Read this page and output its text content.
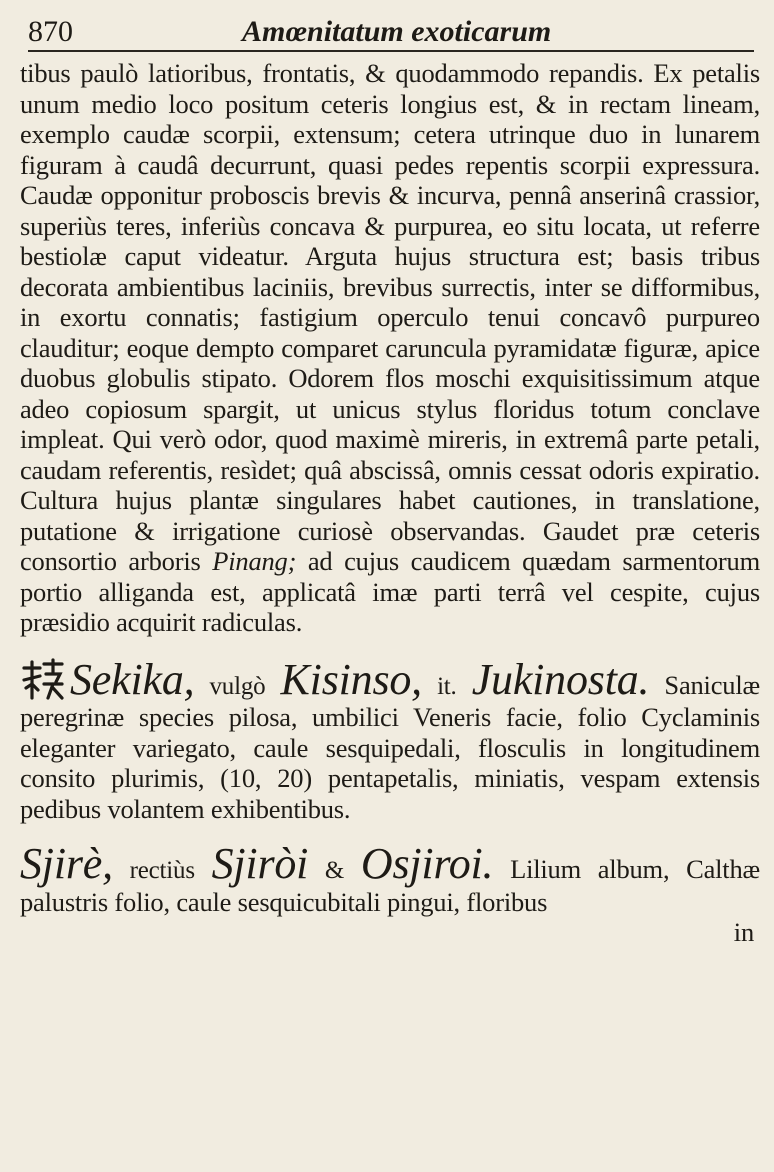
870	Amœnitatum exoticarum

tibus paulò latioribus, frontatis, & quodammodo repandis. Ex petalis unum medio loco positum ceteris longius est, & in rectam lineam, exemplo caudæ scorpii, extensum; cetera utrinque duo in lunarem figuram à caudâ decurrunt, quasi pedes repentis scorpii expressura. Caudæ opponitur proboscis brevis & incurva, pennâ anserinâ crassior, superiùs teres, inferiùs concava & purpurea, eo situ locata, ut referre bestiolæ caput videatur. Arguta hujus structura est; basis tribus decorata ambientibus laciniis, brevibus surrectis, inter se difformibus, in exortu connatis; fastigium operculo tenui concavô purpureo clauditur; eoque dempto comparet caruncula pyramidatæ figuræ, apice duobus globulis stipato. Odorem flos moschi exquisitissimum atque adeo copiosum spargit, ut unicus stylus floridus totum conclave impleat. Qui verò odor, quod maximè mireris, in extremâ parte petali, caudam referentis, resìdet; quâ abscissâ, omnis cessat odoris expiratio. Cultura hujus plantæ singulares habet cautiones, in translatione, putatione & irrigatione curiosè observandas. Gaudet præ ceteris consortio arboris Pinang; ad cujus caudicem quædam sarmentorum portio alliganda est, applicatâ imæ parti terrâ vel cespite, cujus præsidio acquirit radiculas.

Sekika, vulgò Kisinso, it. Jukinosta. Saniculæ peregrinæ species pilosa, umbilici Veneris facie, folio Cyclaminis eleganter variegato, caule sesquipedali, flosculis in longitudinem consito plurimis, (10, 20) pentapetalis, miniatis, vespam extensis pedibus volantem exhibentibus.

Sjirè, rectiùs Sjiròi & Osjiroi. Lilium album, Calthæ palustris folio, caule sesquicubitali pingui, floribus

in
